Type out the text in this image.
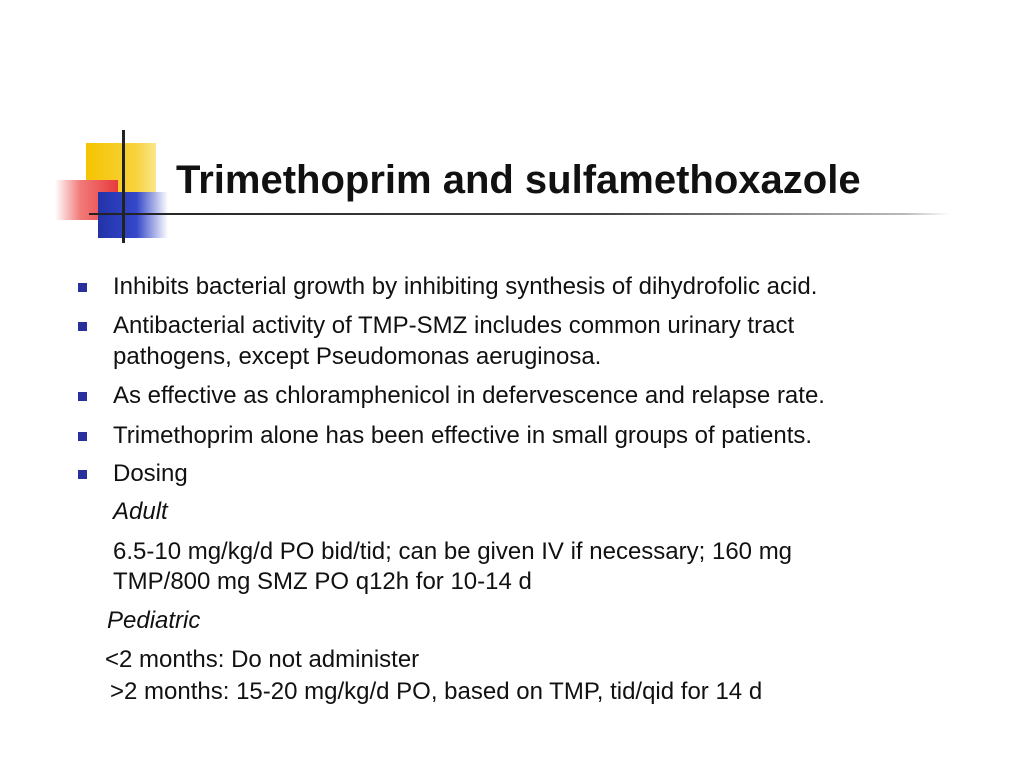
Trimethoprim and sulfamethoxazole
Inhibits bacterial growth by inhibiting synthesis of dihydrofolic acid.
Antibacterial activity of TMP-SMZ includes common urinary tract
pathogens, except Pseudomonas aeruginosa.
As effective as chloramphenicol in defervescence and relapse rate.
Trimethoprim alone has been effective in small groups of patients.
Dosing
Adult
6.5-10 mg/kg/d PO bid/tid; can be given IV if necessary; 160 mg
TMP/800 mg SMZ PO q12h for 10-14 d
Pediatric
<2 months: Do not administer
>2 months: 15-20 mg/kg/d PO, based on TMP, tid/qid for 14 d
